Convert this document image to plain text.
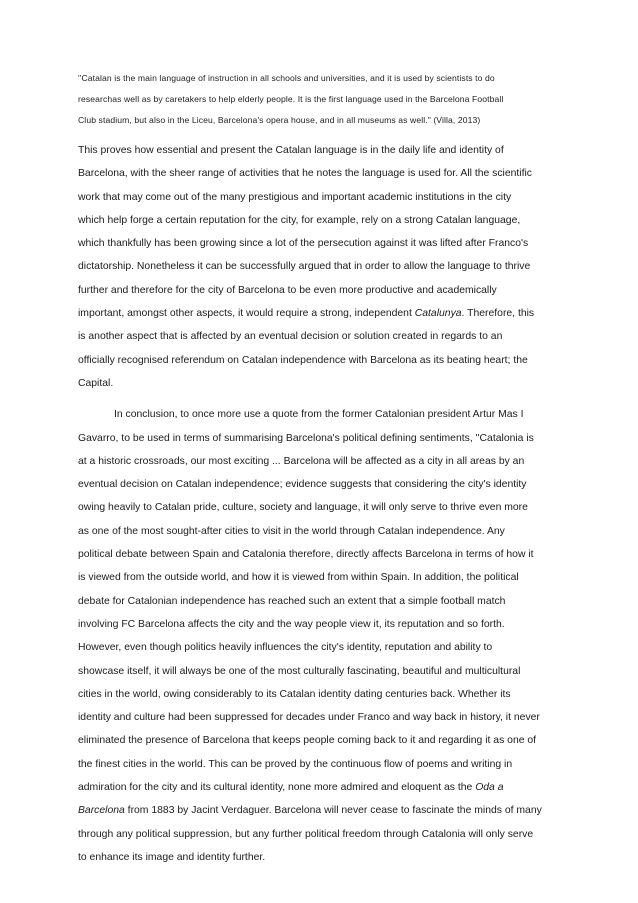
''Catalan is the main language of instruction in all schools and universities, and it is used by scientists to do
researchas well as by caretakers to help elderly people. It is the first language used in the Barcelona Football
Club stadium, but also in the Liceu, Barcelona's opera house, and in all museums as well." (Villa, 2013)
This proves how essential and present the Catalan language is in the daily life and identity of
Barcelona, with the sheer range of activities that he notes the language is used for. All the scientific
work that may come out of the many prestigious and important academic institutions in the city
which help forge a certain reputation for the city, for example, rely on a strong Catalan language,
which thankfully has been growing since a lot of the persecution against it was lifted after Franco's
dictatorship. Nonetheless it can be successfully argued that in order to allow the language to thrive
further and therefore for the city of Barcelona to be even more productive and academically
important, amongst other aspects, it would require a strong, independent Catalunya. Therefore, this
is another aspect that is affected by an eventual decision or solution created in regards to an
officially recognised referendum on Catalan independence with Barcelona as its beating heart; the
Capital.
In conclusion, to once more use a quote from the former Catalonian president Artur Mas I
Gavarro, to be used in terms of summarising Barcelona's political defining sentiments, ''Catalonia is
at a historic crossroads, our most exciting ... Barcelona will be affected as a city in all areas by an
eventual decision on Catalan independence; evidence suggests that considering the city's identity
owing heavily to Catalan pride, culture, society and language, it will only serve to thrive even more
as one of the most sought-after cities to visit in the world through Catalan independence. Any
political debate between Spain and Catalonia therefore, directly affects Barcelona in terms of how it
is viewed from the outside world, and how it is viewed from within Spain. In addition, the political
debate for Catalonian independence has reached such an extent that a simple football match
involving FC Barcelona affects the city and the way people view it, its reputation and so forth.
However, even though politics heavily influences the city's identity, reputation and ability to
showcase itself, it will always be one of the most culturally fascinating, beautiful and multicultural
cities in the world, owing considerably to its Catalan identity dating centuries back. Whether its
identity and culture had been suppressed for decades under Franco and way back in history, it never
eliminated the presence of Barcelona that keeps people coming back to it and regarding it as one of
the finest cities in the world. This can be proved by the continuous flow of poems and writing in
admiration for the city and its cultural identity, none more admired and eloquent as the Oda a
Barcelona from 1883 by Jacint Verdaguer. Barcelona will never cease to fascinate the minds of many
through any political suppression, but any further political freedom through Catalonia will only serve
to enhance its image and identity further.
